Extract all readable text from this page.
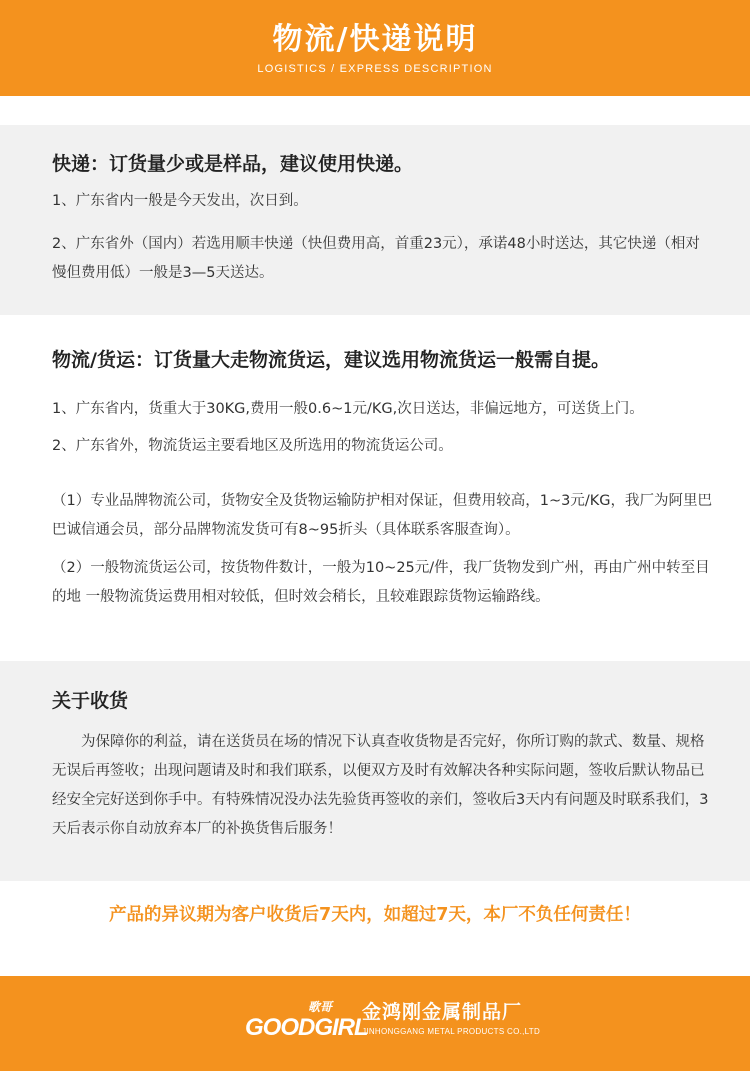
物流/快递说明
LOGISTICS / EXPRESS DESCRIPTION
快递：订货量少或是样品，建议使用快递。
1、广东省内一般是今天发出，次日到。
2、广东省外（国内）若选用顺丰快递（快但费用高，首重23元），承诺48小时送达，其它快递（相对慢但费用低）一般是3—5天送达。
物流/货运：订货量大走物流货运，建议选用物流货运一般需自提。
1、广东省内，货重大于30KG,费用一般0.6~1元/KG,次日送达，非偏远地方，可送货上门。
2、广东省外，物流货运主要看地区及所选用的物流货运公司。
（1）专业品牌物流公司，货物安全及货物运输防护相对保证，但费用较高，1~3元/KG，我厂为阿里巴巴诚信通会员，部分品牌物流发货可有8~95折头（具体联系客服查询）。
（2）一般物流货运公司，按货物件数计，一般为10~25元/件，我厂货物发到广州，再由广州中转至目的地 一般物流货运费用相对较低，但时效会稍长，且较难跟踪货物运输路线。
关于收货
为保障你的利益，请在送货员在场的情况下认真查收货物是否完好，你所订购的款式、数量、规格无误后再签收；出现问题请及时和我们联系，以便双方及时有效解决各种实际问题，签收后默认物品已经安全完好送到你手中。有特殊情况没办法先验货再签收的亲们，签收后3天内有问题及时联系我们，3天后表示你自动放弃本厂的补换货售后服务！
产品的异议期为客户收货后7天内，如超过7天，本厂不负任何责任！
歌哥
GOODGIRL
金鸿刚金属制品厂
JINHONGGANG METAL PRODUCTS CO.,LTD
